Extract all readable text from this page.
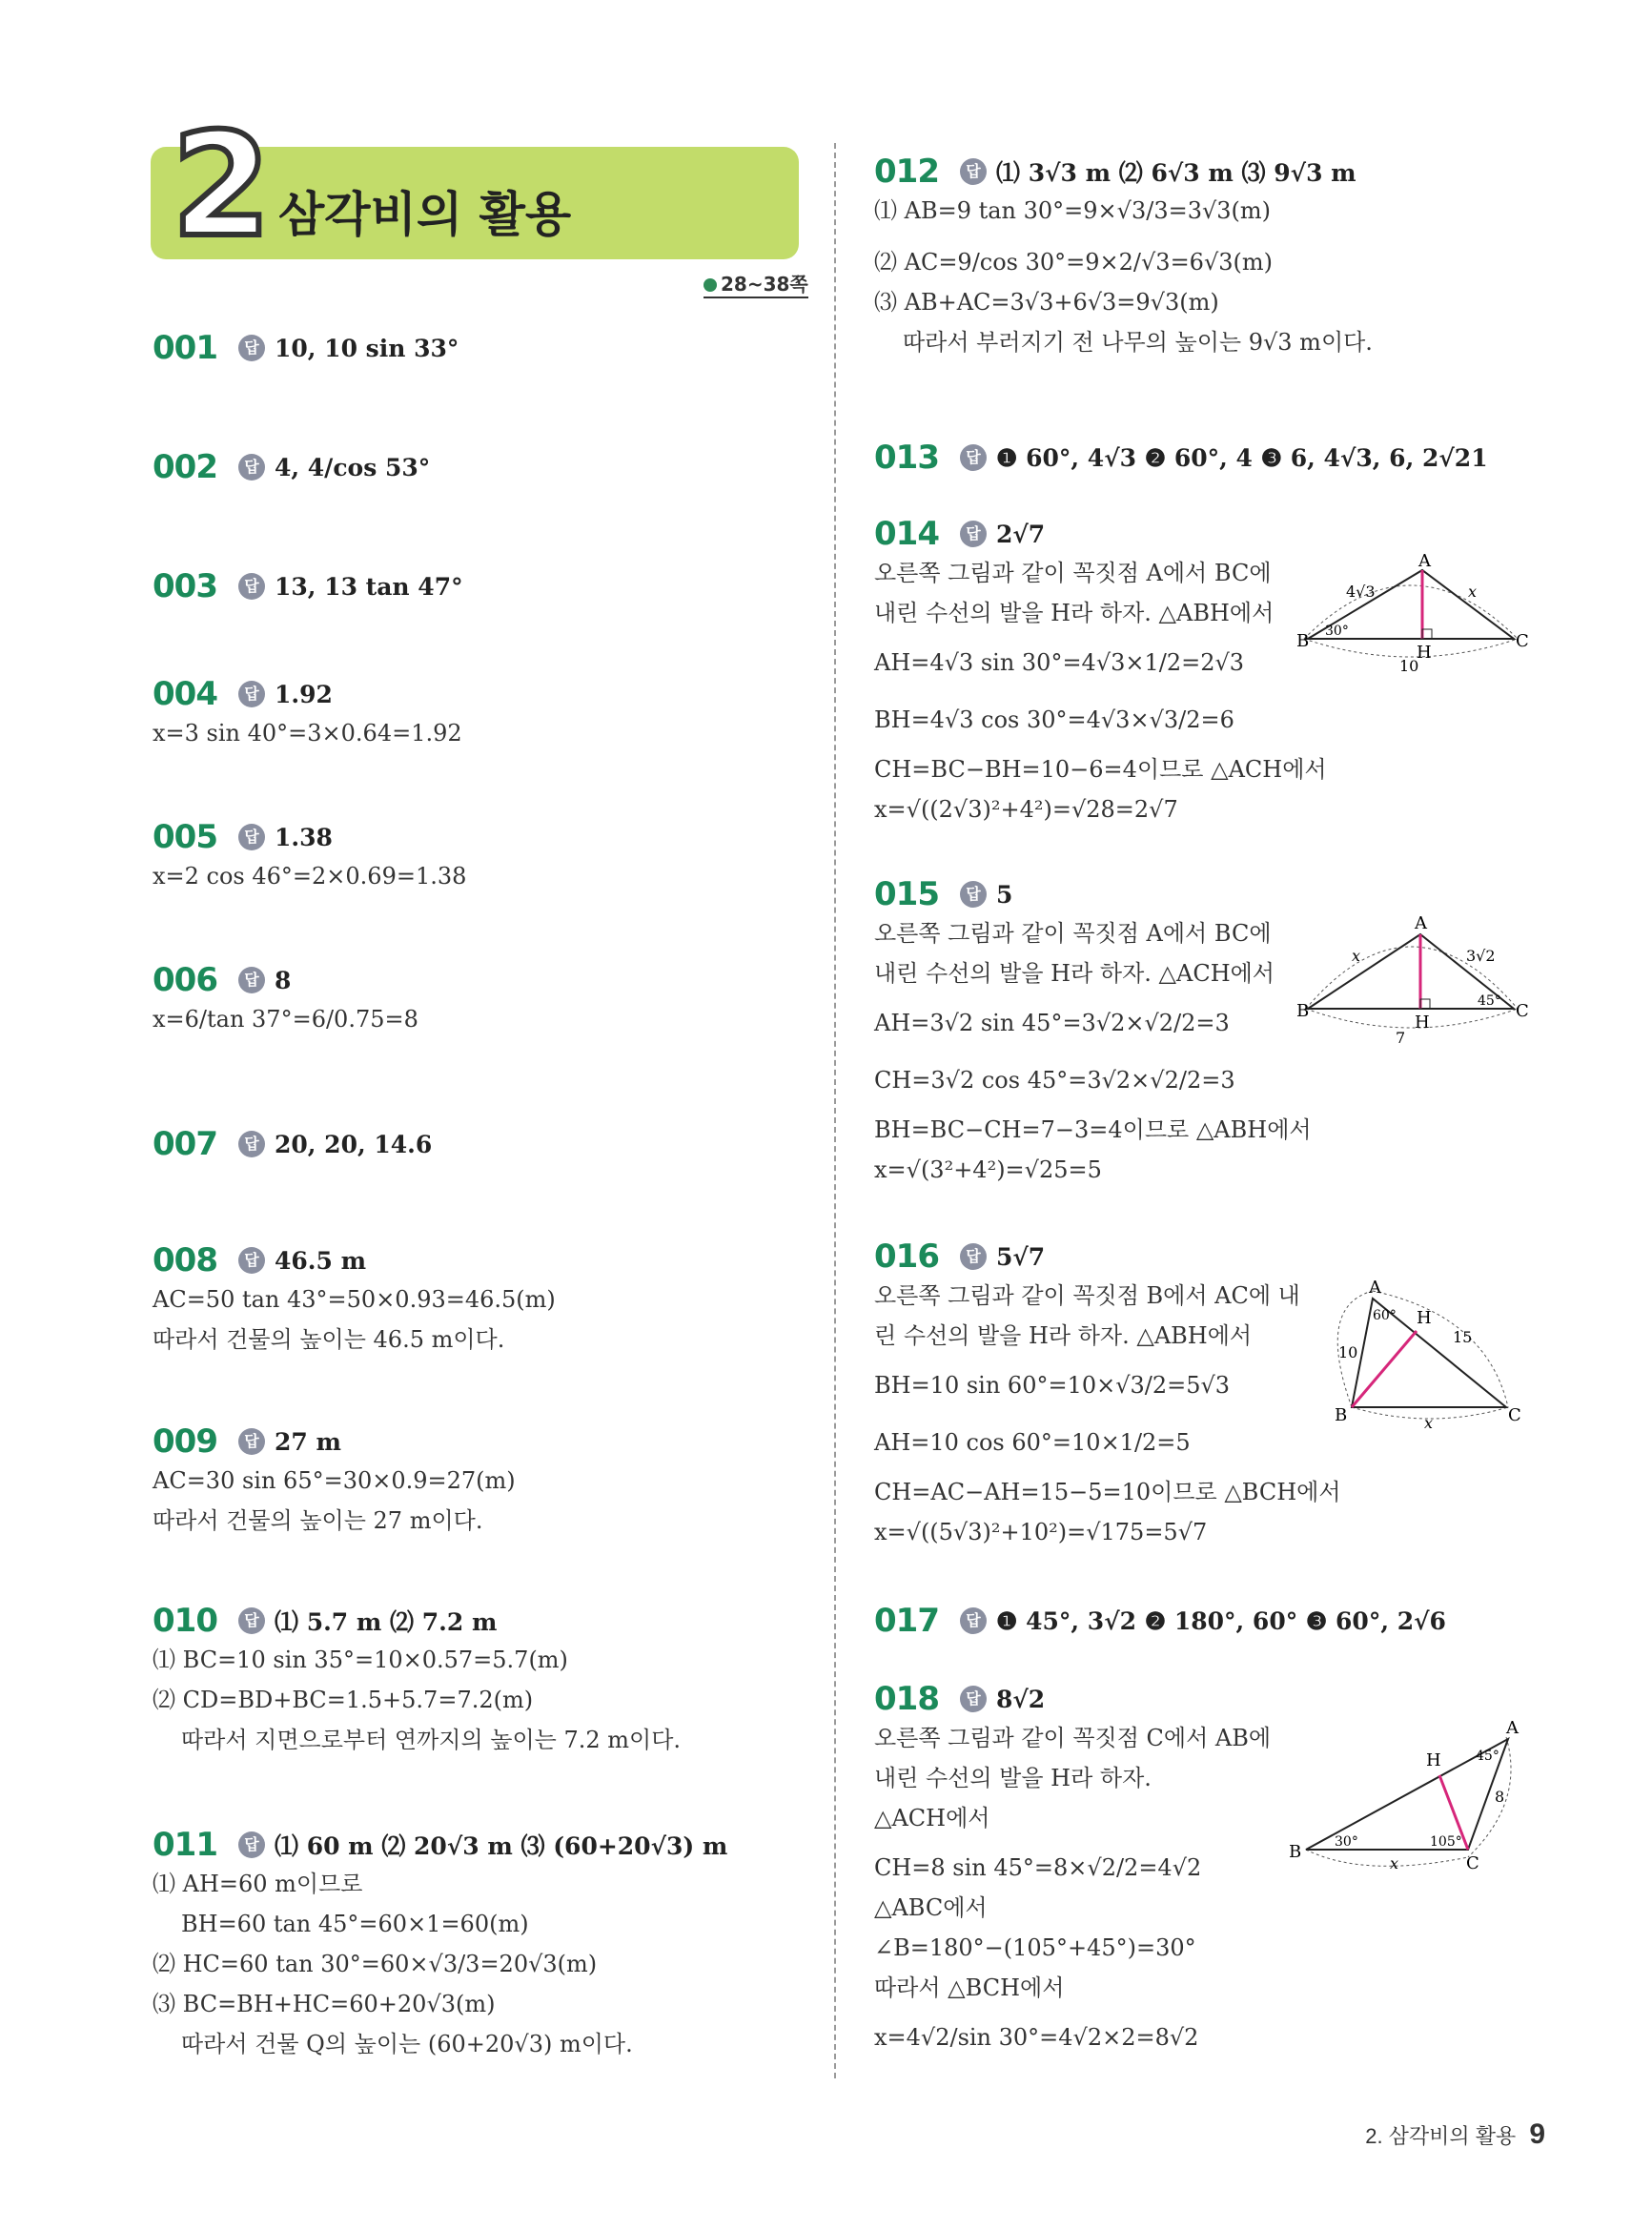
2 삼각비의 활용
28~38쪽
001	답 10, 10 sin 33°
002	답 4, 4/cos 53°
003	답 13, 13 tan 47°
004	답 1.92
x=3 sin 40°=3×0.64=1.92
005	답 1.38
x=2 cos 46°=2×0.69=1.38
006	답 8
x=6/tan 37°=6/0.75=8
007	답 20, 20, 14.6
008	답 46.5 m
AC=50 tan 43°=50×0.93=46.5(m)
따라서 건물의 높이는 46.5 m이다.
009	답 27 m
AC=30 sin 65°=30×0.9=27(m)
따라서 건물의 높이는 27 m이다.
010	답 ⑴ 5.7 m ⑵ 7.2 m
⑴ BC=10 sin 35°=10×0.57=5.7(m)
⑵ CD=BD+BC=1.5+5.7=7.2(m)
따라서 지면으로부터 연까지의 높이는 7.2 m이다.
011	답 ⑴ 60 m ⑵ 20√3 m ⑶ (60+20√3) m
⑴ AH=60 m이므로
BH=60 tan 45°=60×1=60(m)
⑵ HC=60 tan 30°=60×√3/3=20√3(m)
⑶ BC=BH+HC=60+20√3(m)
따라서 건물 Q의 높이는 (60+20√3) m이다.
012	답 ⑴ 3√3 m ⑵ 6√3 m ⑶ 9√3 m
⑴ AB=9 tan 30°=9×√3/3=3√3(m)
⑵ AC=9/cos 30°=9×2/√3=6√3(m)
⑶ AB+AC=3√3+6√3=9√3(m)
따라서 부러지기 전 나무의 높이는 9√3 m이다.
013	답 ❶ 60°, 4√3 ❷ 60°, 4 ❸ 6, 4√3, 6, 2√21
014	답 2√7
오른쪽 그림과 같이 꼭짓점 A에서 BC에
내린 수선의 발을 H라 하자. △ABH에서
AH=4√3 sin 30°=4√3×1/2=2√3
BH=4√3 cos 30°=4√3×√3/2=6
CH=BC−BH=10−6=4이므로 △ACH에서
x=√((2√3)²+4²)=√28=2√7
015	답 5
오른쪽 그림과 같이 꼭짓점 A에서 BC에
내린 수선의 발을 H라 하자. △ACH에서
AH=3√2 sin 45°=3√2×√2/2=3
CH=3√2 cos 45°=3√2×√2/2=3
BH=BC−CH=7−3=4이므로 △ABH에서
x=√(3²+4²)=√25=5
016	답 5√7
오른쪽 그림과 같이 꼭짓점 B에서 AC에 내
린 수선의 발을 H라 하자. △ABH에서
BH=10 sin 60°=10×√3/2=5√3
AH=10 cos 60°=10×1/2=5
CH=AC−AH=15−5=10이므로 △BCH에서
x=√((5√3)²+10²)=√175=5√7
017	답 ❶ 45°, 3√2 ❷ 180°, 60° ❸ 60°, 2√6
018	답 8√2
오른쪽 그림과 같이 꼭짓점 C에서 AB에
내린 수선의 발을 H라 하자.
△ACH에서
CH=8 sin 45°=8×√2/2=4√2
△ABC에서
∠B=180°−(105°+45°)=30°
따라서 △BCH에서
x=4√2/sin 30°=4√2×2=8√2
A
B	C
H
4√3	x
10
30°
A
B	C
H
x	3√2
7
45°
A
B	C
H
10
15
x
60°
A
B
C
H
8
x
45°
30°	105°
2. 삼각비의 활용 9
